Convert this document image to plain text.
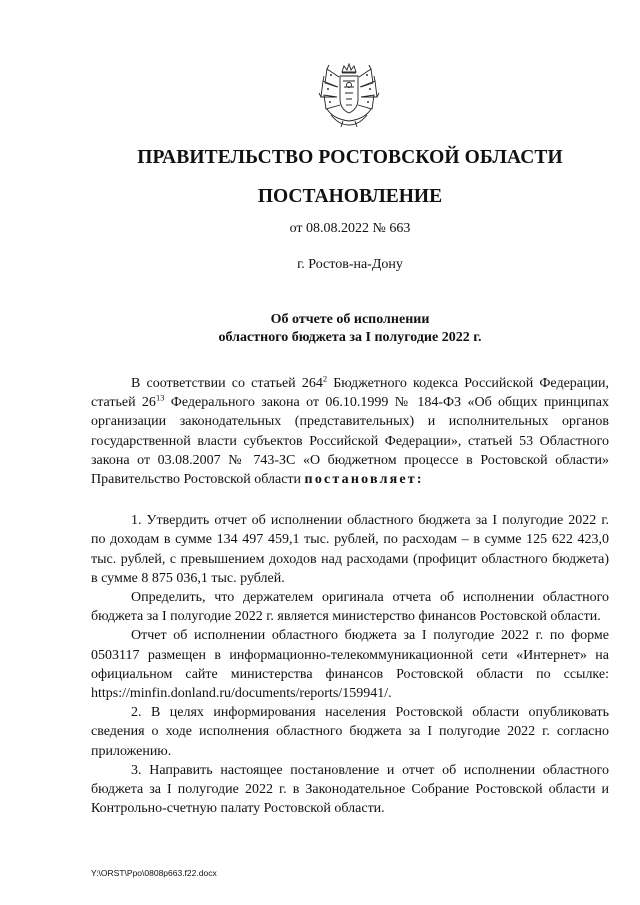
ПРАВИТЕЛЬСТВО РОСТОВСКОЙ ОБЛАСТИ
ПОСТАНОВЛЕНИЕ
от 08.08.2022 № 663
г. Ростов-на-Дону
Об отчете об исполнении
областного бюджета за I полугодие 2022 г.

В соответствии со статьей $264^2$ Бюджетного кодекса Российской Федерации, статьей $26^{13}$ Федерального закона от 06.10.1999 № 184-ФЗ «Об общих принципах организации законодательных (представительных) и исполнительных органов государственной власти субъектов Российской Федерации», статьей 53 Областного закона от 03.08.2007 № 743-ЗС «О бюджетном процессе в Ростовской области» Правительство Ростовской области постановляет:

1. Утвердить отчет об исполнении областного бюджета за I полугодие 2022 г. по доходам в сумме 134 497 459,1 тыс. рублей, по расходам – в сумме 125 622 423,0 тыс. рублей, с превышением доходов над расходами (профицит областного бюджета) в сумме 8 875 036,1 тыс. рублей.

Определить, что держателем оригинала отчета об исполнении областного бюджета за I полугодие 2022 г. является министерство финансов Ростовской области.

Отчет об исполнении областного бюджета за I полугодие 2022 г. по форме 0503117 размещен в информационно-телекоммуникационной сети «Интернет» на официальном сайте министерства финансов Ростовской области по ссылке: https://minfin.donland.ru/documents/reports/159941/.

2. В целях информирования населения Ростовской области опубликовать сведения о ходе исполнения областного бюджета за I полугодие 2022 г. согласно приложению.

3. Направить настоящее постановление и отчет об исполнении областного бюджета за I полугодие 2022 г. в Законодательное Собрание Ростовской области и Контрольно-счетную палату Ростовской области.

Y:\ORST\Ppo\0808p663.f22.docx
